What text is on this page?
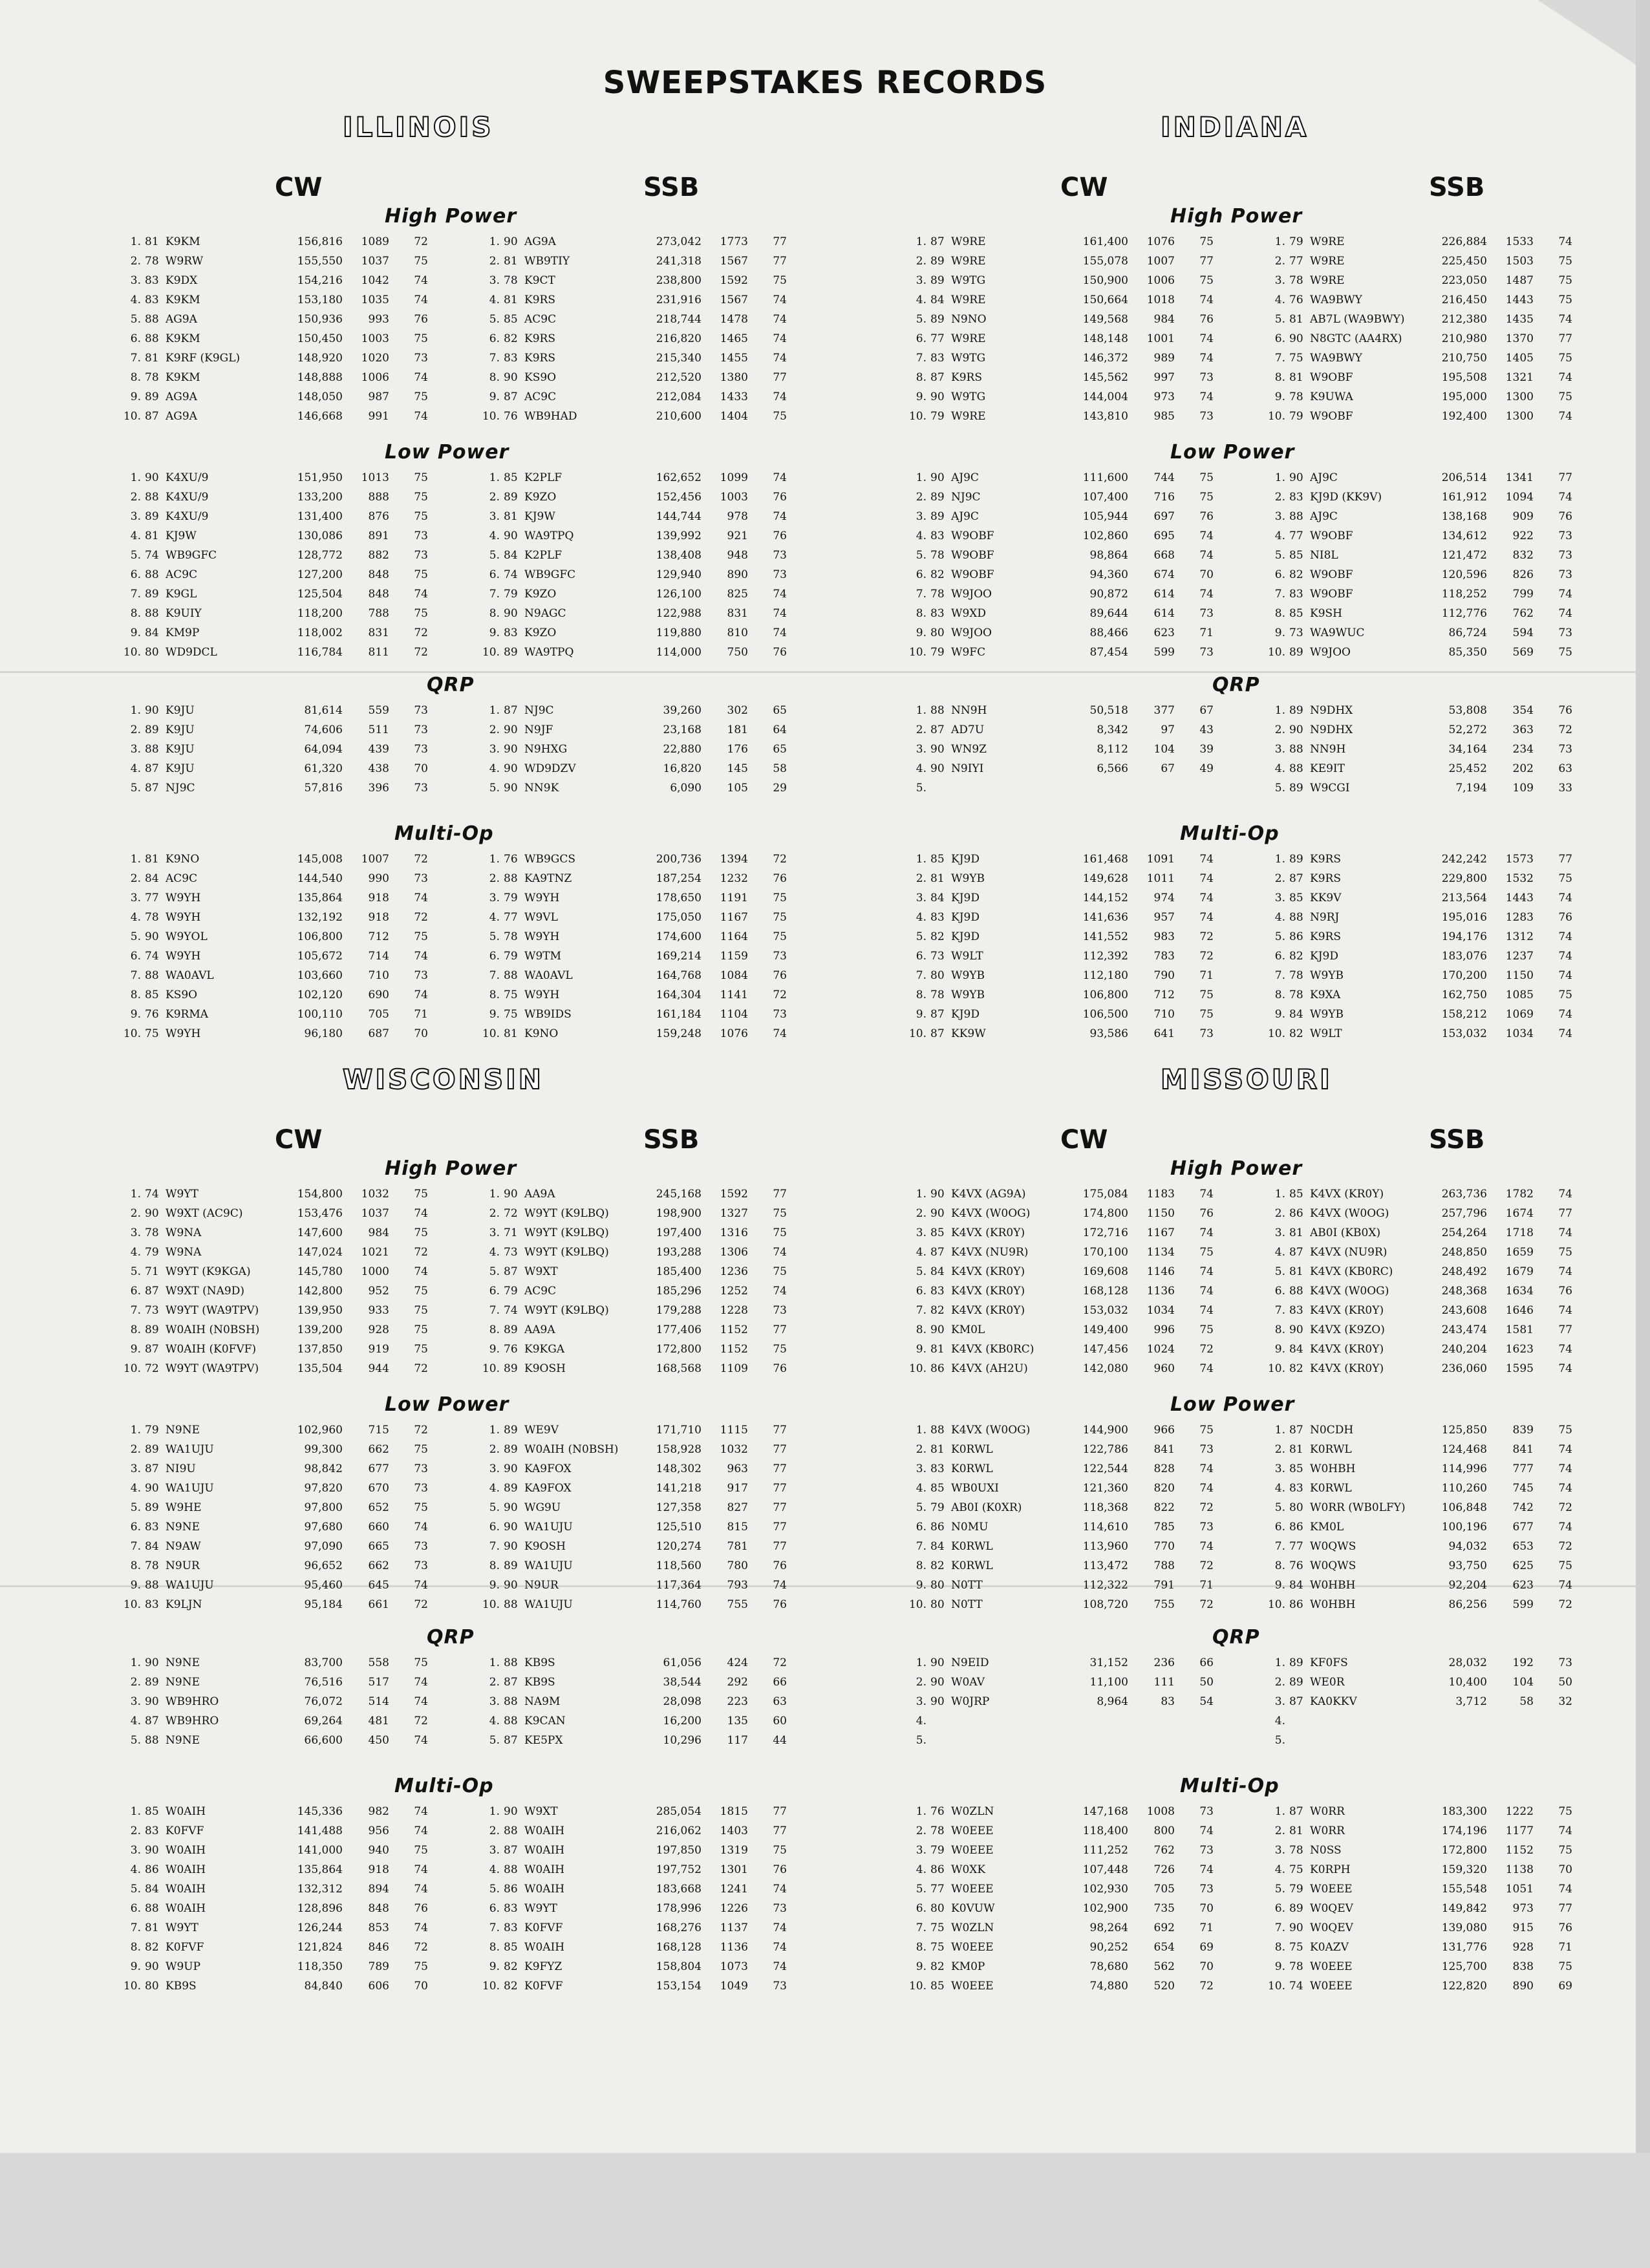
SWEEPSTAKES RECORDS
ILLINOIS
CW	SSB
High Power
1.	81	K9KM	156,816	1089	72
2.	78	W9RW	155,550	1037	75
3.	83	K9DX	154,216	1042	74
4.	83	K9KM	153,180	1035	74
5.	88	AG9A	150,936	993	76
6.	88	K9KM	150,450	1003	75
7.	81	K9RF (K9GL)	148,920	1020	73
8.	78	K9KM	148,888	1006	74
9.	89	AG9A	148,050	987	75
10.	87	AG9A	146,668	991	74
1.	90	AG9A	273,042	1773	77
2.	81	WB9TIY	241,318	1567	77
3.	78	K9CT	238,800	1592	75
4.	81	K9RS	231,916	1567	74
5.	85	AC9C	218,744	1478	74
6.	82	K9RS	216,820	1465	74
7.	83	K9RS	215,340	1455	74
8.	90	KS9O	212,520	1380	77
9.	87	AC9C	212,084	1433	74
10.	76	WB9HAD	210,600	1404	75
Low Power
1.	90	K4XU/9	151,950	1013	75
2.	88	K4XU/9	133,200	888	75
3.	89	K4XU/9	131,400	876	75
4.	81	KJ9W	130,086	891	73
5.	74	WB9GFC	128,772	882	73
6.	88	AC9C	127,200	848	75
7.	89	K9GL	125,504	848	74
8.	88	K9UIY	118,200	788	75
9.	84	KM9P	118,002	831	72
10.	80	WD9DCL	116,784	811	72
1.	85	K2PLF	162,652	1099	74
2.	89	K9ZO	152,456	1003	76
3.	81	KJ9W	144,744	978	74
4.	90	WA9TPQ	139,992	921	76
5.	84	K2PLF	138,408	948	73
6.	74	WB9GFC	129,940	890	73
7.	79	K9ZO	126,100	825	74
8.	90	N9AGC	122,988	831	74
9.	83	K9ZO	119,880	810	74
10.	89	WA9TPQ	114,000	750	76
QRP
1.	90	K9JU	81,614	559	73
2.	89	K9JU	74,606	511	73
3.	88	K9JU	64,094	439	73
4.	87	K9JU	61,320	438	70
5.	87	NJ9C	57,816	396	73
1.	87	NJ9C	39,260	302	65
2.	90	N9JF	23,168	181	64
3.	90	N9HXG	22,880	176	65
4.	90	WD9DZV	16,820	145	58
5.	90	NN9K	6,090	105	29
Multi-Op
1.	81	K9NO	145,008	1007	72
2.	84	AC9C	144,540	990	73
3.	77	W9YH	135,864	918	74
4.	78	W9YH	132,192	918	72
5.	90	W9YOL	106,800	712	75
6.	74	W9YH	105,672	714	74
7.	88	WA0AVL	103,660	710	73
8.	85	KS9O	102,120	690	74
9.	76	K9RMA	100,110	705	71
10.	75	W9YH	96,180	687	70
1.	76	WB9GCS	200,736	1394	72
2.	88	KA9TNZ	187,254	1232	76
3.	79	W9YH	178,650	1191	75
4.	77	W9VL	175,050	1167	75
5.	78	W9YH	174,600	1164	75
6.	79	W9TM	169,214	1159	73
7.	88	WA0AVL	164,768	1084	76
8.	75	W9YH	164,304	1141	72
9.	75	WB9IDS	161,184	1104	73
10.	81	K9NO	159,248	1076	74
INDIANA
CW	SSB
High Power
1.	87	W9RE	161,400	1076	75
2.	89	W9RE	155,078	1007	77
3.	89	W9TG	150,900	1006	75
4.	84	W9RE	150,664	1018	74
5.	89	N9NO	149,568	984	76
6.	77	W9RE	148,148	1001	74
7.	83	W9TG	146,372	989	74
8.	87	K9RS	145,562	997	73
9.	90	W9TG	144,004	973	74
10.	79	W9RE	143,810	985	73
1.	79	W9RE	226,884	1533	74
2.	77	W9RE	225,450	1503	75
3.	78	W9RE	223,050	1487	75
4.	76	WA9BWY	216,450	1443	75
5.	81	AB7L (WA9BWY)	212,380	1435	74
6.	90	N8GTC (AA4RX)	210,980	1370	77
7.	75	WA9BWY	210,750	1405	75
8.	81	W9OBF	195,508	1321	74
9.	78	K9UWA	195,000	1300	75
10.	79	W9OBF	192,400	1300	74
Low Power
1.	90	AJ9C	111,600	744	75
2.	89	NJ9C	107,400	716	75
3.	89	AJ9C	105,944	697	76
4.	83	W9OBF	102,860	695	74
5.	78	W9OBF	98,864	668	74
6.	82	W9OBF	94,360	674	70
7.	78	W9JOO	90,872	614	74
8.	83	W9XD	89,644	614	73
9.	80	W9JOO	88,466	623	71
10.	79	W9FC	87,454	599	73
1.	90	AJ9C	206,514	1341	77
2.	83	KJ9D (KK9V)	161,912	1094	74
3.	88	AJ9C	138,168	909	76
4.	77	W9OBF	134,612	922	73
5.	85	NI8L	121,472	832	73
6.	82	W9OBF	120,596	826	73
7.	83	W9OBF	118,252	799	74
8.	85	K9SH	112,776	762	74
9.	73	WA9WUC	86,724	594	73
10.	89	W9JOO	85,350	569	75
QRP
1.	88	NN9H	50,518	377	67
2.	87	AD7U	8,342	97	43
3.	90	WN9Z	8,112	104	39
4.	90	N9IYI	6,566	67	49
5.					
1.	89	N9DHX	53,808	354	76
2.	90	N9DHX	52,272	363	72
3.	88	NN9H	34,164	234	73
4.	88	KE9IT	25,452	202	63
5.	89	W9CGI	7,194	109	33
Multi-Op
1.	85	KJ9D	161,468	1091	74
2.	81	W9YB	149,628	1011	74
3.	84	KJ9D	144,152	974	74
4.	83	KJ9D	141,636	957	74
5.	82	KJ9D	141,552	983	72
6.	73	W9LT	112,392	783	72
7.	80	W9YB	112,180	790	71
8.	78	W9YB	106,800	712	75
9.	87	KJ9D	106,500	710	75
10.	87	KK9W	93,586	641	73
1.	89	K9RS	242,242	1573	77
2.	87	K9RS	229,800	1532	75
3.	85	KK9V	213,564	1443	74
4.	88	N9RJ	195,016	1283	76
5.	86	K9RS	194,176	1312	74
6.	82	KJ9D	183,076	1237	74
7.	78	W9YB	170,200	1150	74
8.	78	K9XA	162,750	1085	75
9.	84	W9YB	158,212	1069	74
10.	82	W9LT	153,032	1034	74
WISCONSIN
CW	SSB
High Power
1.	74	W9YT	154,800	1032	75
2.	90	W9XT (AC9C)	153,476	1037	74
3.	78	W9NA	147,600	984	75
4.	79	W9NA	147,024	1021	72
5.	71	W9YT (K9KGA)	145,780	1000	74
6.	87	W9XT (NA9D)	142,800	952	75
7.	73	W9YT (WA9TPV)	139,950	933	75
8.	89	W0AIH (N0BSH)	139,200	928	75
9.	87	W0AIH (K0FVF)	137,850	919	75
10.	72	W9YT (WA9TPV)	135,504	944	72
1.	90	AA9A	245,168	1592	77
2.	72	W9YT (K9LBQ)	198,900	1327	75
3.	71	W9YT (K9LBQ)	197,400	1316	75
4.	73	W9YT (K9LBQ)	193,288	1306	74
5.	87	W9XT	185,400	1236	75
6.	79	AC9C	185,296	1252	74
7.	74	W9YT (K9LBQ)	179,288	1228	73
8.	89	AA9A	177,406	1152	77
9.	76	K9KGA	172,800	1152	75
10.	89	K9OSH	168,568	1109	76
Low Power
1.	79	N9NE	102,960	715	72
2.	89	WA1UJU	99,300	662	75
3.	87	NI9U	98,842	677	73
4.	90	WA1UJU	97,820	670	73
5.	89	W9HE	97,800	652	75
6.	83	N9NE	97,680	660	74
7.	84	N9AW	97,090	665	73
8.	78	N9UR	96,652	662	73
9.	88	WA1UJU	95,460	645	74
10.	83	K9LJN	95,184	661	72
1.	89	WE9V	171,710	1115	77
2.	89	W0AIH (N0BSH)	158,928	1032	77
3.	90	KA9FOX	148,302	963	77
4.	89	KA9FOX	141,218	917	77
5.	90	WG9U	127,358	827	77
6.	90	WA1UJU	125,510	815	77
7.	90	K9OSH	120,274	781	77
8.	89	WA1UJU	118,560	780	76
9.	90	N9UR	117,364	793	74
10.	88	WA1UJU	114,760	755	76
QRP
1.	90	N9NE	83,700	558	75
2.	89	N9NE	76,516	517	74
3.	90	WB9HRO	76,072	514	74
4.	87	WB9HRO	69,264	481	72
5.	88	N9NE	66,600	450	74
1.	88	KB9S	61,056	424	72
2.	87	KB9S	38,544	292	66
3.	88	NA9M	28,098	223	63
4.	88	K9CAN	16,200	135	60
5.	87	KE5PX	10,296	117	44
Multi-Op
1.	85	W0AIH	145,336	982	74
2.	83	K0FVF	141,488	956	74
3.	90	W0AIH	141,000	940	75
4.	86	W0AIH	135,864	918	74
5.	84	W0AIH	132,312	894	74
6.	88	W0AIH	128,896	848	76
7.	81	W9YT	126,244	853	74
8.	82	K0FVF	121,824	846	72
9.	90	W9UP	118,350	789	75
10.	80	KB9S	84,840	606	70
1.	90	W9XT	285,054	1815	77
2.	88	W0AIH	216,062	1403	77
3.	87	W0AIH	197,850	1319	75
4.	88	W0AIH	197,752	1301	76
5.	86	W0AIH	183,668	1241	74
6.	83	W9YT	178,996	1226	73
7.	83	K0FVF	168,276	1137	74
8.	85	W0AIH	168,128	1136	74
9.	82	K9FYZ	158,804	1073	74
10.	82	K0FVF	153,154	1049	73
MISSOURI
CW	SSB
High Power
1.	90	K4VX (AG9A)	175,084	1183	74
2.	90	K4VX (W0OG)	174,800	1150	76
3.	85	K4VX (KR0Y)	172,716	1167	74
4.	87	K4VX (NU9R)	170,100	1134	75
5.	84	K4VX (KR0Y)	169,608	1146	74
6.	83	K4VX (KR0Y)	168,128	1136	74
7.	82	K4VX (KR0Y)	153,032	1034	74
8.	90	KM0L	149,400	996	75
9.	81	K4VX (KB0RC)	147,456	1024	72
10.	86	K4VX (AH2U)	142,080	960	74
1.	85	K4VX (KR0Y)	263,736	1782	74
2.	86	K4VX (W0OG)	257,796	1674	77
3.	81	AB0I (KB0X)	254,264	1718	74
4.	87	K4VX (NU9R)	248,850	1659	75
5.	81	K4VX (KB0RC)	248,492	1679	74
6.	88	K4VX (W0OG)	248,368	1634	76
7.	83	K4VX (KR0Y)	243,608	1646	74
8.	90	K4VX (K9ZO)	243,474	1581	77
9.	84	K4VX (KR0Y)	240,204	1623	74
10.	82	K4VX (KR0Y)	236,060	1595	74
Low Power
1.	88	K4VX (W0OG)	144,900	966	75
2.	81	K0RWL	122,786	841	73
3.	83	K0RWL	122,544	828	74
4.	85	WB0UXI	121,360	820	74
5.	79	AB0I (K0XR)	118,368	822	72
6.	86	N0MU	114,610	785	73
7.	84	K0RWL	113,960	770	74
8.	82	K0RWL	113,472	788	72
9.	80	N0TT	112,322	791	71
10.	80	N0TT	108,720	755	72
1.	87	N0CDH	125,850	839	75
2.	81	K0RWL	124,468	841	74
3.	85	W0HBH	114,996	777	74
4.	83	K0RWL	110,260	745	74
5.	80	W0RR (WB0LFY)	106,848	742	72
6.	86	KM0L	100,196	677	74
7.	77	W0QWS	94,032	653	72
8.	76	W0QWS	93,750	625	75
9.	84	W0HBH	92,204	623	74
10.	86	W0HBH	86,256	599	72
QRP
1.	90	N9EID	31,152	236	66
2.	90	W0AV	11,100	111	50
3.	90	W0JRP	8,964	83	54
4.					
5.					
1.	89	KF0FS	28,032	192	73
2.	89	WE0R	10,400	104	50
3.	87	KA0KKV	3,712	58	32
4.					
5.					
Multi-Op
1.	76	W0ZLN	147,168	1008	73
2.	78	W0EEE	118,400	800	74
3.	79	W0EEE	111,252	762	73
4.	86	W0XK	107,448	726	74
5.	77	W0EEE	102,930	705	73
6.	80	K0VUW	102,900	735	70
7.	75	W0ZLN	98,264	692	71
8.	75	W0EEE	90,252	654	69
9.	82	KM0P	78,680	562	70
10.	85	W0EEE	74,880	520	72
1.	87	W0RR	183,300	1222	75
2.	81	W0RR	174,196	1177	74
3.	78	N0SS	172,800	1152	75
4.	75	K0RPH	159,320	1138	70
5.	79	W0EEE	155,548	1051	74
6.	89	W0QEV	149,842	973	77
7.	90	W0QEV	139,080	915	76
8.	75	K0AZV	131,776	928	71
9.	78	W0EEE	125,700	838	75
10.	74	W0EEE	122,820	890	69
